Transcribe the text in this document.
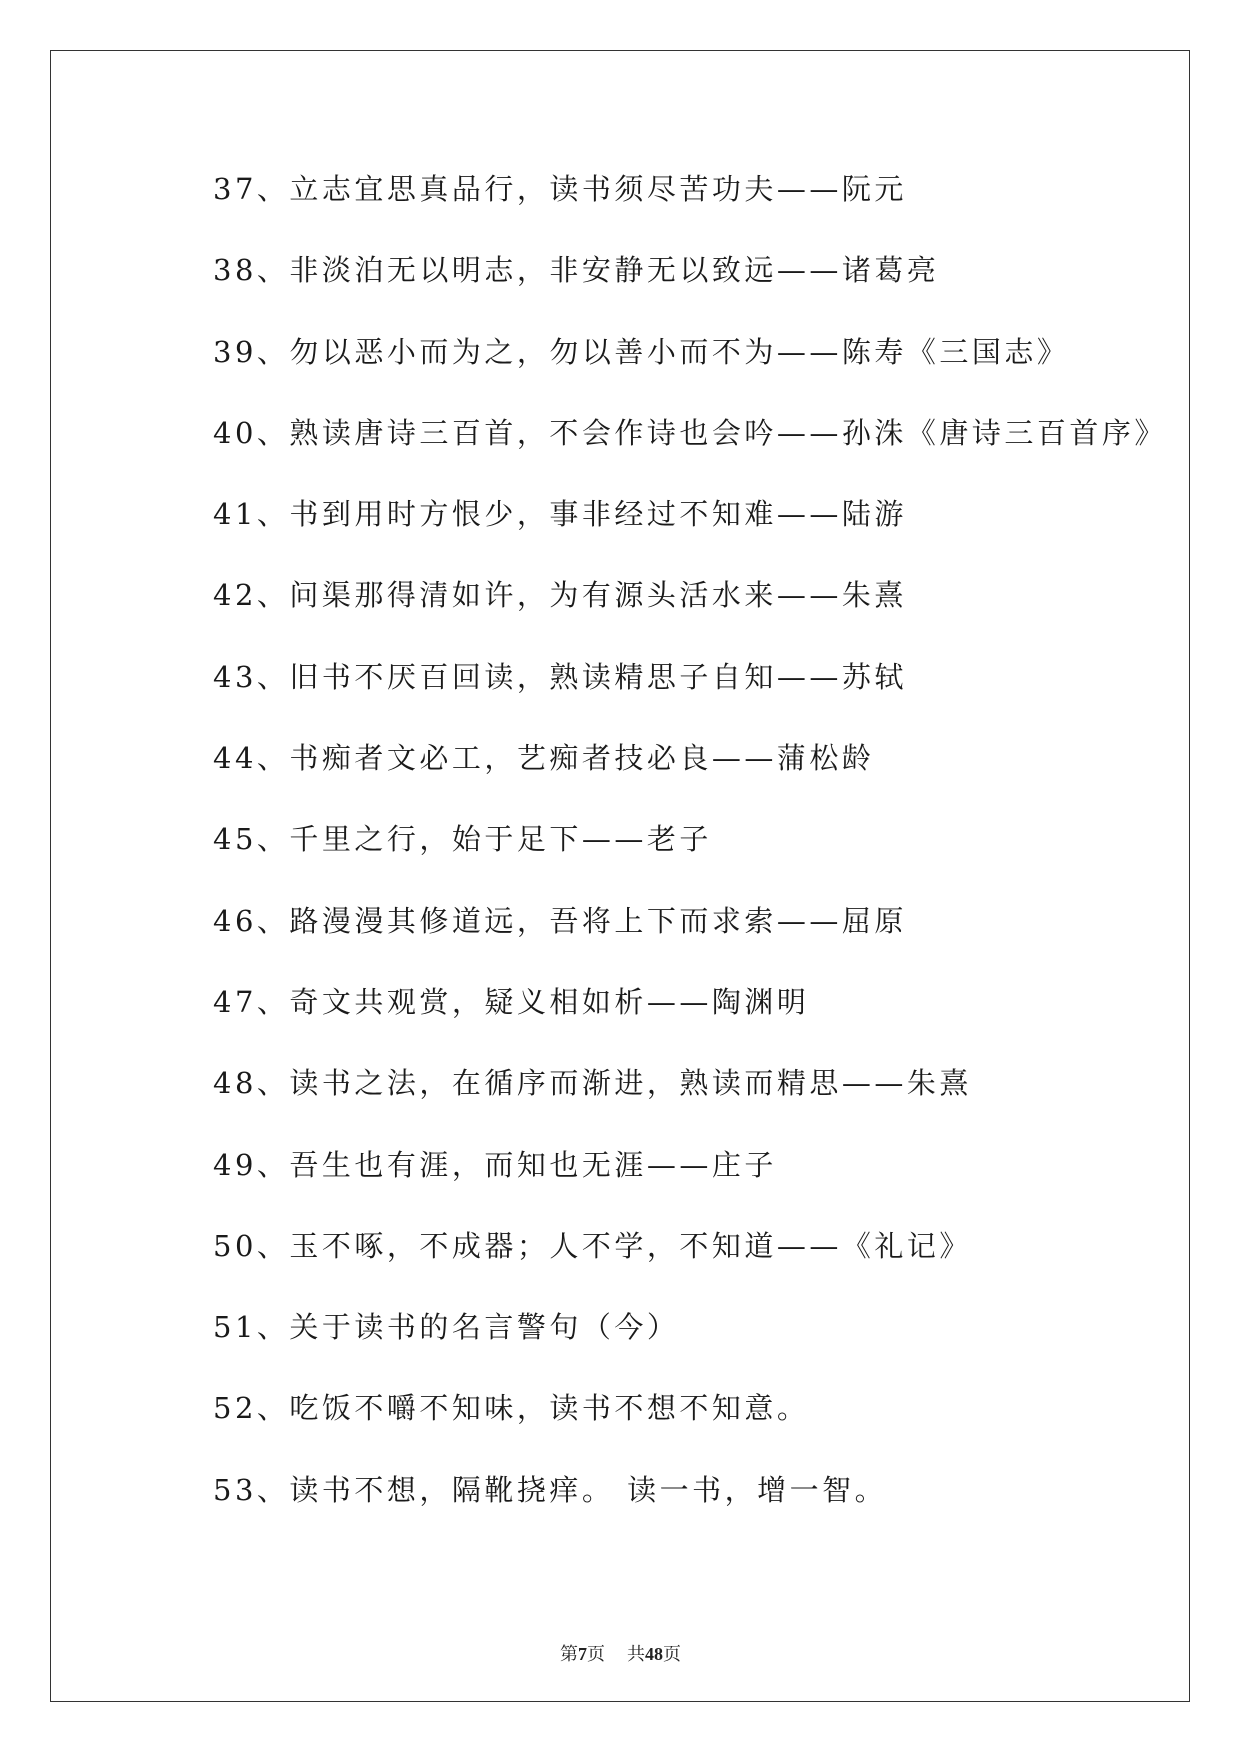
37、立志宜思真品行，读书须尽苦功夫——阮元
38、非淡泊无以明志，非安静无以致远——诸葛亮
39、勿以恶小而为之，勿以善小而不为——陈寿《三国志》
40、熟读唐诗三百首，不会作诗也会吟——孙洙《唐诗三百首序》
41、书到用时方恨少，事非经过不知难——陆游
42、问渠那得清如许，为有源头活水来——朱熹
43、旧书不厌百回读，熟读精思子自知——苏轼
44、书痴者文必工，艺痴者技必良——蒲松龄
45、千里之行，始于足下——老子
46、路漫漫其修道远，吾将上下而求索——屈原
47、奇文共观赏，疑义相如析——陶渊明
48、读书之法，在循序而渐进，熟读而精思——朱熹
49、吾生也有涯，而知也无涯——庄子
50、玉不啄，不成器；人不学，不知道——《礼记》
51、关于读书的名言警句（今）
52、吃饭不嚼不知味，读书不想不知意。
53、读书不想，隔靴挠痒。 读一书，增一智。
第7页 共48页
